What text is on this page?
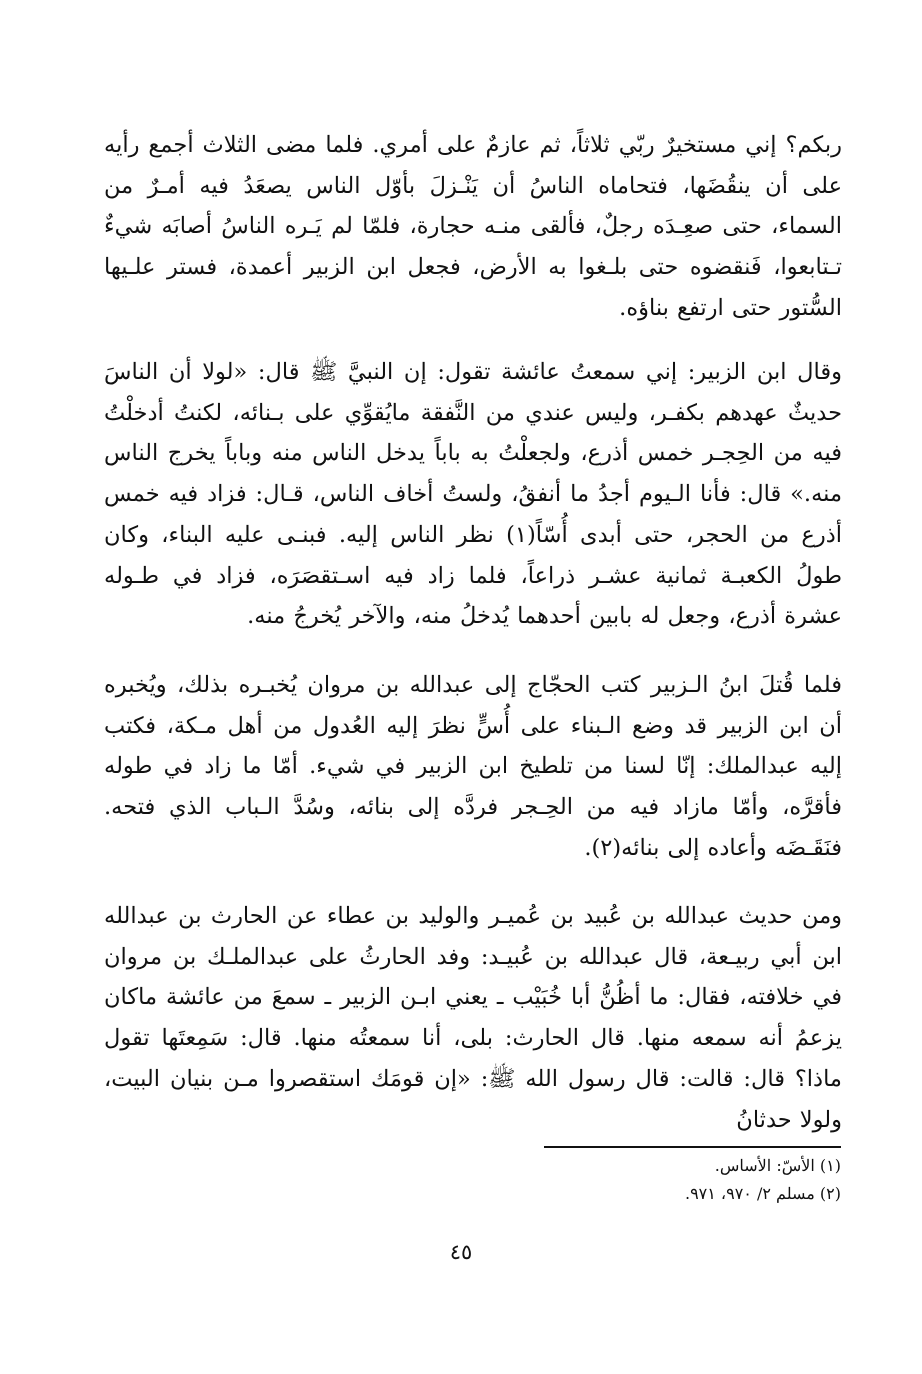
ربكم؟ إني مستخيرٌ ربّي ثلاثاً، ثم عازمٌ على أمري. فلما مضى الثلاث أجمع رأيه على أن ينقُضَها، فتحاماه الناسُ أن يَنْـزلَ بأوّل الناس يصعَدُ فيه أمـرٌ من السماء، حتى صعِـدَه رجلٌ، فألقى منـه حجارة، فلمّا لم يَـره الناسُ أصابَه شيءٌ تـتابعوا، فَنقضوه حتى بلـغوا به الأرض، فجعل ابن الزبير أعمدة، فستر علـيها السُّتور حتى ارتفع بناؤه.

وقال ابن الزبير: إني سمعتُ عائشة تقول: إن النبيَّ ﷺ قال: «لولا أن الناسَ حديثٌ عهدهم بكفـر، وليس عندي من النَّفقة مايُقوِّي على بـنائه، لكنتُ أدخلْتُ فيه من الحِجـر خمس أذرع، ولجعلْتُ به باباً يدخل الناس منه وباباً يخرج الناس منه.» قال: فأنا الـيوم أجدُ ما أنفقُ، ولستُ أخاف الناس، قـال: فزاد فيه خمس أذرع من الحجر، حتى أبدى أُسّاً(١) نظر الناس إليه. فبنـى عليه البناء، وكان طولُ الكعبـة ثمانية عشـر ذراعاً، فلما زاد فيه اسـتقصَرَه، فزاد في طـوله عشرة أذرع، وجعل له بابين أحدهما يُدخلُ منه، والآخر يُخرجُ منه.

فلما قُتلَ ابنُ الـزبير كتب الحجّاج إلى عبدالله بن مروان يُخبـره بذلك، ويُخبره أن ابن الزبير قد وضع الـبناء على أُسٍّ نظرَ إليه العُدول من أهل مـكة، فكتب إليه عبدالملك: إنّا لسنا من تلطيخ ابن الزبير في شيء. أمّا ما زاد في طوله فأقرَّه، وأمّا مازاد فيه من الحِـجر فردَّه إلى بنائه، وسُدَّ الـباب الذي فتحه. فنَقَـضَه وأعاده إلى بنائه(٢).

ومن حديث عبدالله بن عُبيد بن عُميـر والوليد بن عطاء عن الحارث بن عبدالله ابن أبي ربيـعة، قال عبدالله بن عُبيـد: وفد الحارثُ على عبدالملـك بن مروان في خلافته، فقال: ما أظُنُّ أبا خُبَيْب ـ يعني ابـن الزبير ـ سمعَ من عائشة ماكان يزعمُ أنه سمعه منها. قال الحارث: بلى، أنا سمعتُه منها. قال: سَمِعتَها تقول ماذا؟ قال: قالت: قال رسول الله ﷺ: «إن قومَك استقصروا مـن بنيان البيت، ولولا حدثانُ

(١) الأسّ: الأساس.

(٢) مسلم ٢/ ٩٧٠، ٩٧١.

٤٥
